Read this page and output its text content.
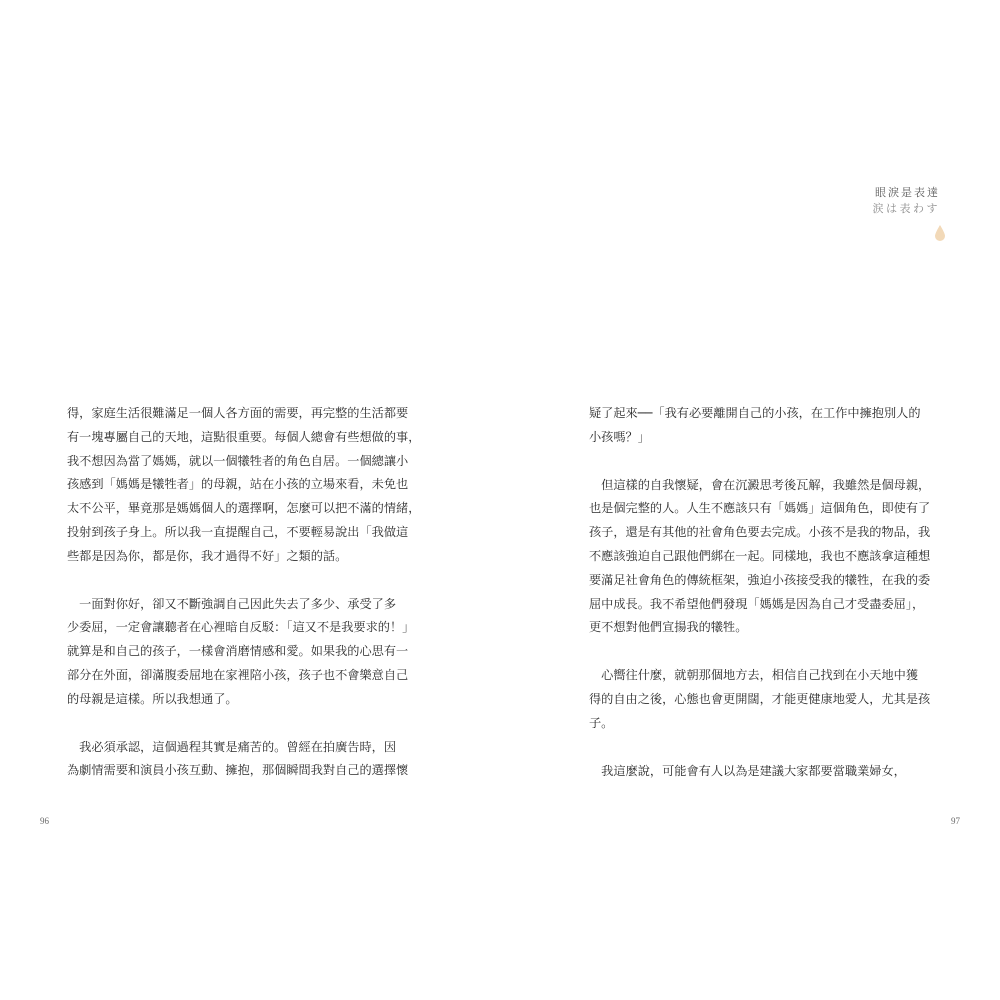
得，家庭生活很難滿足一個人各方面的需要，再完整的生活都要
有一塊專屬自己的天地，這點很重要。每個人總會有些想做的事，
我不想因為當了媽媽，就以一個犧牲者的角色自居。一個總讓小
孩感到「媽媽是犧牲者」的母親，站在小孩的立場來看，未免也
太不公平，畢竟那是媽媽個人的選擇啊，怎麼可以把不滿的情緒，
投射到孩子身上。所以我一直提醒自己，不要輕易說出「我做這
些都是因為你，都是你，我才過得不好」之類的話。
　一面對你好，卻又不斷強調自己因此失去了多少、承受了多
少委屈，一定會讓聽者在心裡暗自反駁：「這又不是我要求的！」
就算是和自己的孩子，一樣會消磨情感和愛。如果我的心思有一
部分在外面，卻滿腹委屈地在家裡陪小孩，孩子也不會樂意自己
的母親是這樣。所以我想通了。
　我必須承認，這個過程其實是痛苦的。曾經在拍廣告時，因
為劇情需要和演員小孩互動、擁抱，那個瞬間我對自己的選擇懷
96
眼淚是表達
涙は表わす
疑了起來──「我有必要離開自己的小孩，在工作中擁抱別人的
小孩嗎？」
　但這樣的自我懷疑，會在沉澱思考後瓦解，我雖然是個母親，
也是個完整的人。人生不應該只有「媽媽」這個角色，即使有了
孩子，還是有其他的社會角色要去完成。小孩不是我的物品，我
不應該強迫自己跟他們綁在一起。同樣地，我也不應該拿這種想
要滿足社會角色的傳統框架，強迫小孩接受我的犧牲，在我的委
屈中成長。我不希望他們發現「媽媽是因為自己才受盡委屈」，
更不想對他們宣揚我的犧牲。
　心嚮往什麼，就朝那個地方去，相信自己找到在小天地中獲
得的自由之後，心態也會更開闊，才能更健康地愛人，尤其是孩
子。
　我這麼說，可能會有人以為是建議大家都要當職業婦女，
97
